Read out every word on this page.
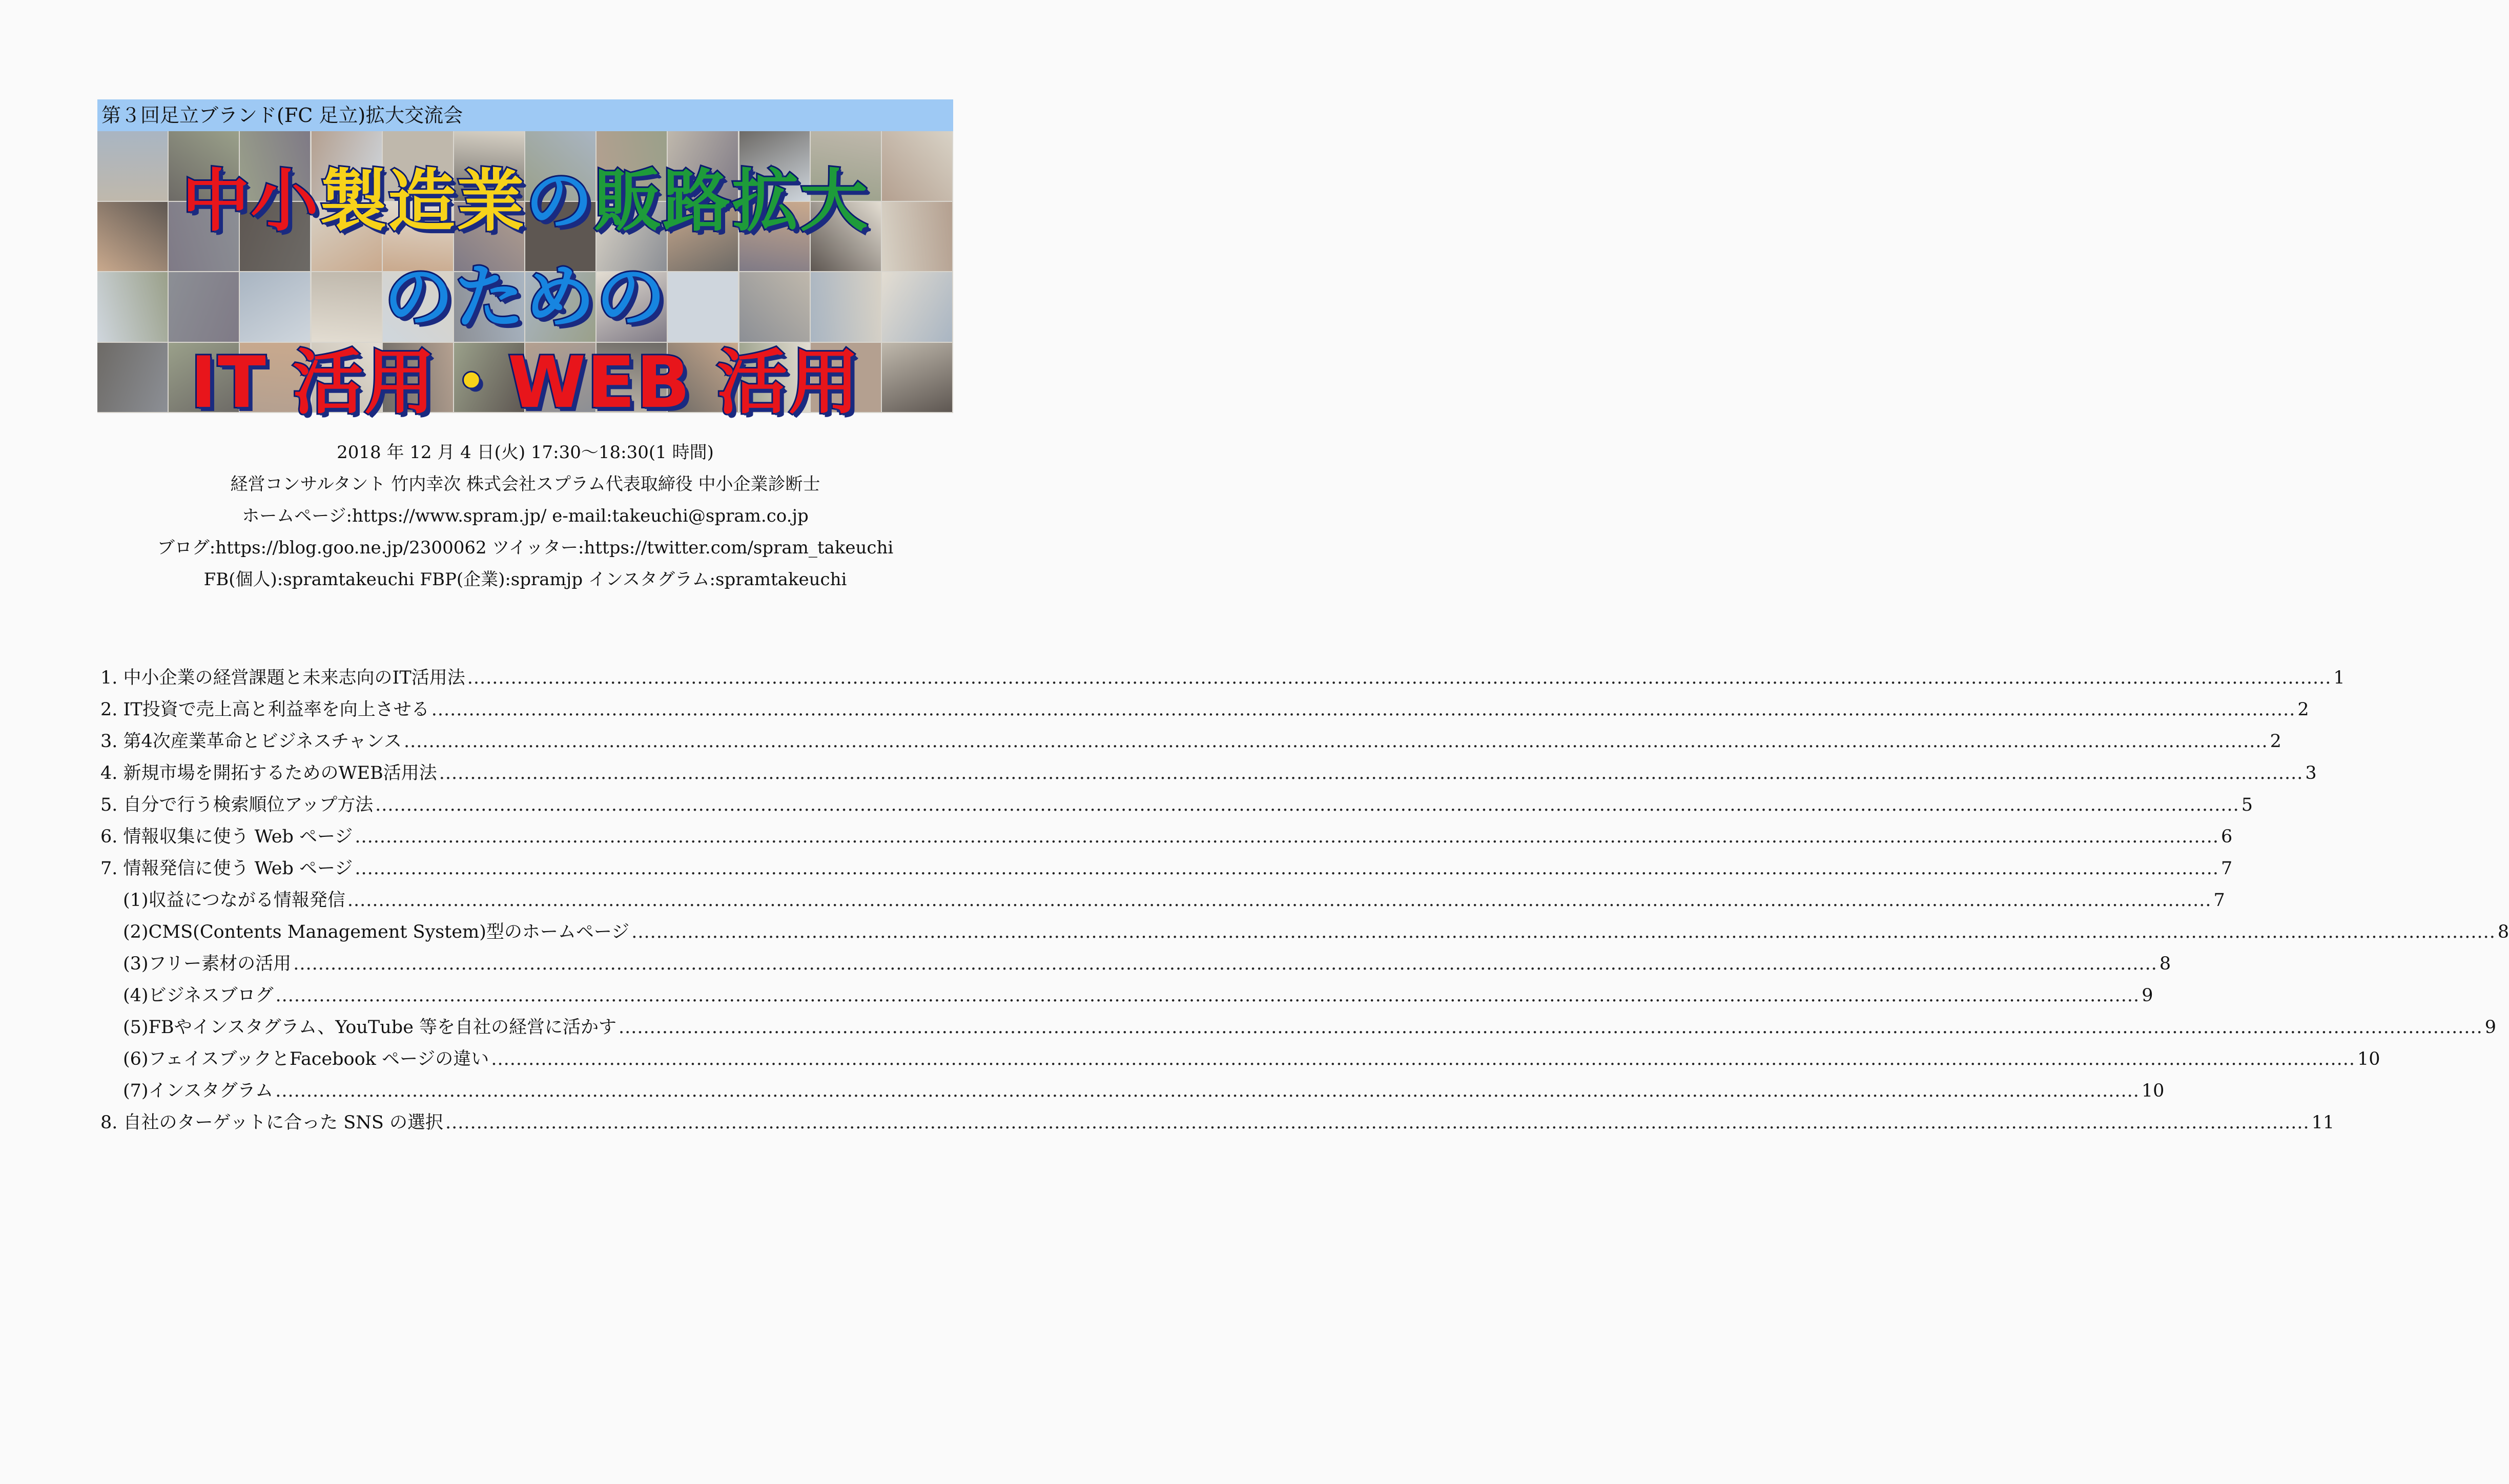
第３回足立ブランド(FC 足立)拡大交流会
中小製造業の販路拡大
のための
IT 活用・WEB 活用
2018 年 12 月 4 日(火) 17:30～18:30(1 時間)
経営コンサルタント 竹内幸次 株式会社スプラム代表取締役 中小企業診断士
ホームページ:https://www.spram.jp/ e-mail:takeuchi@spram.co.jp
ブログ:https://blog.goo.ne.jp/2300062 ツイッター:https://twitter.com/spram_takeuchi
FB(個人):spramtakeuchi FBP(企業):spramjp インスタグラム:spramtakeuchi
1. 中小企業の経営課題と未来志向のIT活用法 ............................................................................................................................................................................................................................................................................................................ 1
2. IT投資で売上高と利益率を向上させる ............................................................................................................................................................................................................................................................................................................ 2
3. 第4次産業革命とビジネスチャンス ............................................................................................................................................................................................................................................................................................................ 2
4. 新規市場を開拓するためのWEB活用法 ............................................................................................................................................................................................................................................................................................................ 3
5. 自分で行う検索順位アップ方法 ............................................................................................................................................................................................................................................................................................................ 5
6. 情報収集に使う Web ページ ............................................................................................................................................................................................................................................................................................................ 6
7. 情報発信に使う Web ページ ............................................................................................................................................................................................................................................................................................................ 7
(1)収益につながる情報発信 ............................................................................................................................................................................................................................................................................................................ 7
(2)CMS(Contents Management System)型のホームページ ............................................................................................................................................................................................................................................................................................................ 8
(3)フリー素材の活用 ............................................................................................................................................................................................................................................................................................................ 8
(4)ビジネスブログ ............................................................................................................................................................................................................................................................................................................ 9
(5)FBやインスタグラム、YouTube 等を自社の経営に活かす ............................................................................................................................................................................................................................................................................................................ 9
(6)フェイスブックとFacebook ページの違い ............................................................................................................................................................................................................................................................................................................ 10
(7)インスタグラム ............................................................................................................................................................................................................................................................................................................ 10
8. 自社のターゲットに合った SNS の選択 ............................................................................................................................................................................................................................................................................................................ 11
